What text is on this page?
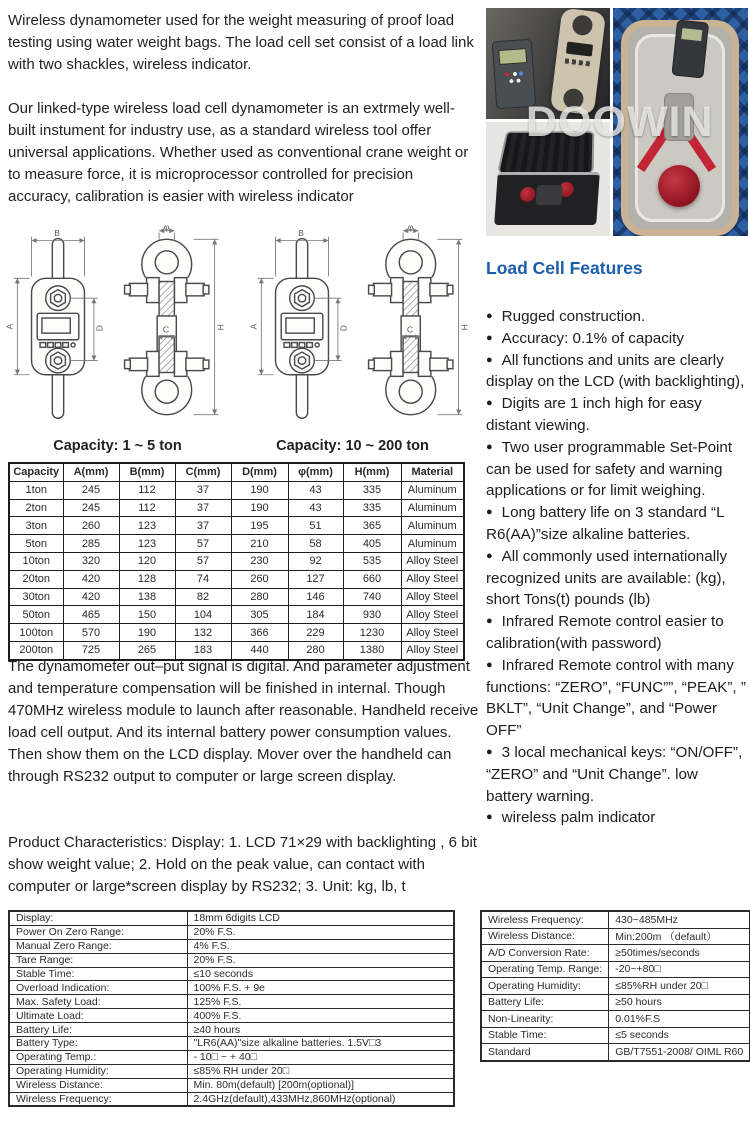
Wireless dynamometer used for the weight measuring of proof load testing using water weight bags. The load cell set consist of a load link with two shackles, wireless indicator.
Our linked-type wireless load cell dynamometer is an extrmely well-built instument for industry use, as a standard wireless tool offer universal applications. Whether used as conventional crane weight or to measure force, it is microprocessor controlled for precision accuracy, calibration is easier with wireless indicator
DOOWIN
Capacity: 1 ~ 5 ton	Capacity: 10 ~ 200 ton
Capacity	A(mm)	B(mm)	C(mm)	D(mm)	φ(mm)	H(mm)	Material
1ton	245	112	37	190	43	335	Aluminum
2ton	245	112	37	190	43	335	Aluminum
3ton	260	123	37	195	51	365	Aluminum
5ton	285	123	57	210	58	405	Aluminum
10ton	320	120	57	230	92	535	Alloy Steel
20ton	420	128	74	260	127	660	Alloy Steel
30ton	420	138	82	280	146	740	Alloy Steel
50ton	465	150	104	305	184	930	Alloy Steel
100ton	570	190	132	366	229	1230	Alloy Steel
200ton	725	265	183	440	280	1380	Alloy Steel
The dynamometer out–put signal is digital. And parameter adjustment and temperature compensation will be finished in internal. Though 470MHz wireless module to launch after reasonable. Handheld receive load cell output. And its internal battery power consumption values. Then show them on the LCD display. Mover over the handheld can through RS232 output to computer or large screen display.
Product Characteristics: Display: 1. LCD 71×29 with backlighting , 6 bit show weight value; 2. Hold on the peak value, can contact with computer or large*screen display by RS232; 3. Unit: kg, lb, t
Load Cell Features
● Rugged construction.
● Accuracy: 0.1% of capacity
● All functions and units are clearly display on the LCD (with backlighting),
● Digits are 1 inch high for easy distant viewing.
● Two user programmable Set-Point can be used for safety and warning applications or for limit weighing.
● Long battery life on 3 standard “L R6(AA)”size alkaline batteries.
● All commonly used internationally recognized units are available: (kg), short Tons(t) pounds (lb)
● Infrared Remote control easier to calibration(with password)
● Infrared Remote control with many functions: “ZERO”, “FUNC””, “PEAK”, ” BKLT”, “Unit Change”, and “Power OFF”
● 3 local mechanical keys: “ON/OFF”, “ZERO” and “Unit Change”. low battery warning.
● wireless palm indicator
Display:	18mm 6digits LCD
Power On Zero Range:	20% F.S.
Manual Zero Range:	4% F.S.
Tare Range:	20% F.S.
Stable Time:	≤10 seconds
Overload Indication:	100% F.S. + 9e
Max. Safety Load:	125% F.S.
Ultimate Load:	400% F.S.
Battery Life:	≥40 hours
Battery Type:	"LR6(AA)"size alkaline batteries. 1.5V□3
Operating Temp.:	- 10□ ~ + 40□
Operating Humidity:	≤85% RH under 20□
Wireless Distance:	Min. 80m(default) [200m(optional)]
Wireless Frequency:	2.4GHz(default),433MHz,860MHz(optional)
Wireless Frequency:	430~485MHz
Wireless Distance:	Min:200m （default）
A/D Conversion Rate:	≥50times/seconds
Operating Temp. Range:	-20~+80□
Operating Humidity:	≤85%RH under 20□
Battery Life:	≥50 hours
Non-Linearity:	0.01%F.S
Stable Time:	≤5 seconds
Standard	GB/T7551-2008/ OIML R60
